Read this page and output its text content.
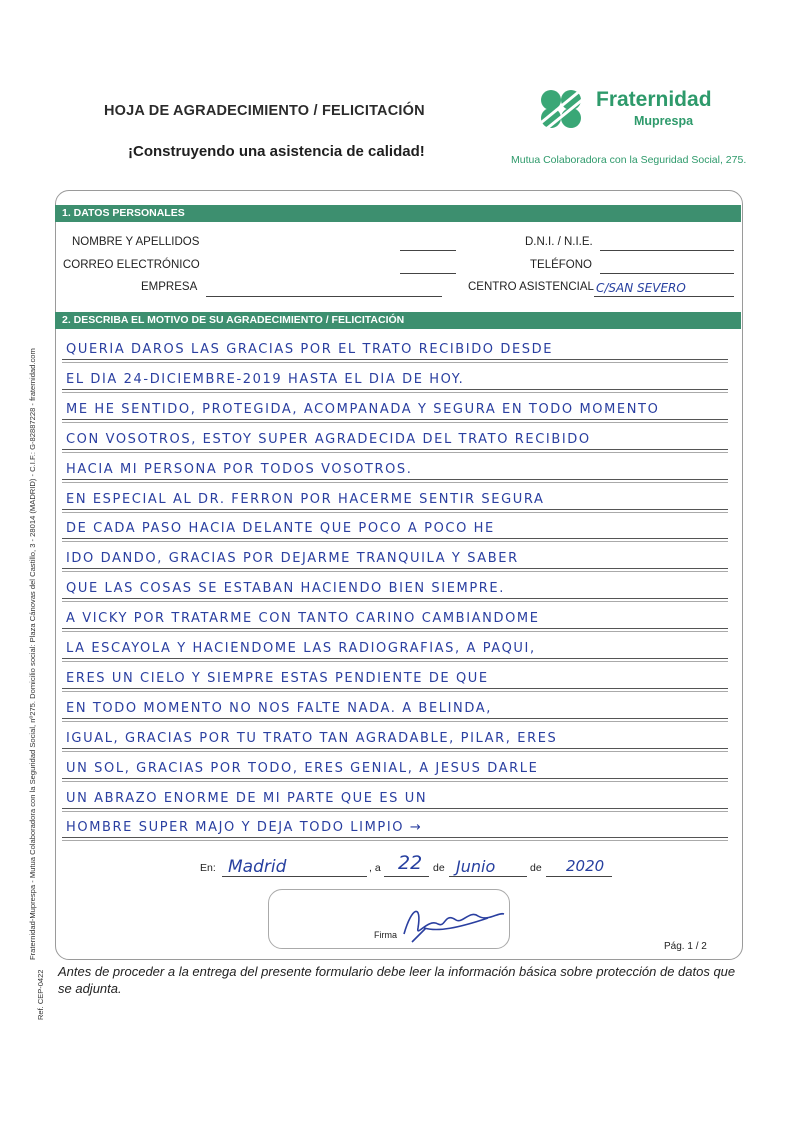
HOJA DE AGRADECIMIENTO / FELICITACIÓN
¡Construyendo una asistencia de calidad!
Fraternidad
Muprespa
Mutua Colaboradora con la Seguridad Social, 275.
Fraternidad-Muprespa - Mutua Colaboradora con la Seguridad Social, nº275. Domicilio social: Plaza Cánovas del Castillo, 3 - 28014 (MADRID) - C.I.F.: G-82887228 - fraternidad.com
Ref. CEP-0422
1. DATOS PERSONALES
NOMBRE Y APELLIDOS
CORREO ELECTRÓNICO
EMPRESA
D.N.I. / N.I.E.
TELÉFONO
CENTRO ASISTENCIAL C/SAN SEVERO
2. DESCRIBA EL MOTIVO DE SU AGRADECIMIENTO / FELICITACIÓN
QUERÍA DAROS LAS GRACIAS POR EL TRATO RECIBIDO DESDE
EL DÍA 24-DICIEMBRE-2019 HASTA EL DÍA DE HOY.
ME HE SENTIDO, PROTEGIDA, ACOMPAÑADA Y SEGURA EN TODO MOMENTO
CON VOSOTROS, ESTOY SUPER AGRADECIDA DEL TRATO RECIBIDO
HACIA MI PERSONA POR TODOS VOSOTROS.
EN ESPECIAL AL DR. FERRÓN POR HACERME SENTIR SEGURA
DE CADA PASO HACIA DELANTE QUE POCO A POCO HE
IDO DANDO, GRACIAS POR DEJARME TRANQUILA Y SABER
QUE LAS COSAS SE ESTABAN HACIENDO BIEN SIEMPRE.
A VICKY POR TRATARME CON TANTO CARIÑO CAMBIÁNDOME
LA ESCAYOLA Y HACIÉNDOME LAS RADIOGRAFÍAS, A PAQUI,
ERES UN CIELO Y SIEMPRE ESTÁS PENDIENTE DE QUE
EN TODO MOMENTO NO NOS FALTE NADA. A BELINDA,
IGUAL, GRACIAS POR TU TRATO TAN AGRADABLE, PILAR, ERES
UN SOL, GRACIAS POR TODO, ERES GENIAL, A JESÚS DARLE
UN ABRAZO ENORME DE MI PARTE QUE ES UN
HOMBRE SUPER MAJO Y DEJA TODO LIMPIO →
En: Madrid	, a 22 de Junio	de 2020
Firma
Pág. 1 / 2
Antes de proceder a la entrega del presente formulario debe leer la información básica sobre protección de datos que se adjunta.
